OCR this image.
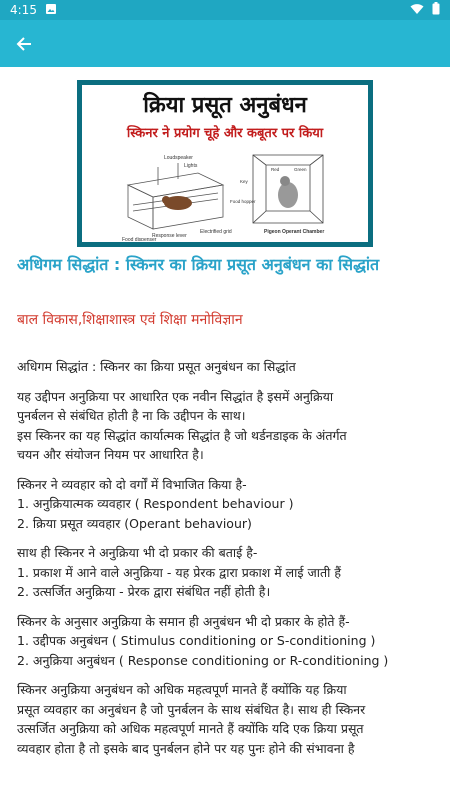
4:15
क्रिया प्रसूत अनुबंधन
स्किनर ने प्रयोग चूहे और कबूतर पर किया
Loudspeaker
Lights
Response lever
Food dispenser
Electrified grid
Red	Green
Key
Food hopper
Pigeon Operant Chamber
अधिगम सिद्धांत : स्किनर का क्रिया प्रसूत अनुबंधन का सिद्धांत
बाल विकास,शिक्षाशास्त्र एवं शिक्षा मनोविज्ञान

अधिगम सिद्धांत : स्किनर का क्रिया प्रसूत अनुबंधन का सिद्धांत

यह उद्दीपन अनुक्रिया पर आधारित एक नवीन सिद्धांत है इसमें अनुक्रिया
पुनर्बलन से संबंधित होती है ना कि उद्दीपन के साथ।
इस स्किनर का यह सिद्धांत कार्यात्मक सिद्धांत है जो थर्डनडाइक के अंतर्गत
चयन और संयोजन नियम पर आधारित है।

स्किनर ने व्यवहार को दो वर्गों में विभाजित किया है-
1. अनुक्रियात्मक व्यवहार ( Respondent behaviour )
2. क्रिया प्रसूत व्यवहार (Operant behaviour)

साथ ही स्किनर ने अनुक्रिया भी दो प्रकार की बताई है-
1. प्रकाश में आने वाले अनुक्रिया - यह प्रेरक द्वारा प्रकाश में लाई जाती हैं
2. उत्सर्जित अनुक्रिया - प्रेरक द्वारा संबंधित नहीं होती है।

स्किनर के अनुसार अनुक्रिया के समान ही अनुबंधन भी दो प्रकार के होते हैं-
1. उद्दीपक अनुबंधन ( Stimulus conditioning or S-conditioning )
2. अनुक्रिया अनुबंधन ( Response conditioning or R-conditioning )

स्किनर अनुक्रिया अनुबंधन को अधिक महत्वपूर्ण मानते हैं क्योंकि यह क्रिया
प्रसूत व्यवहार का अनुबंधन है जो पुनर्बलन के साथ संबंधित है। साथ ही स्किनर
उत्सर्जित अनुक्रिया को अधिक महत्वपूर्ण मानते हैं क्योंकि यदि एक क्रिया प्रसूत
व्यवहार होता है तो इसके बाद पुनर्बलन होने पर यह पुनः होने की संभावना है
